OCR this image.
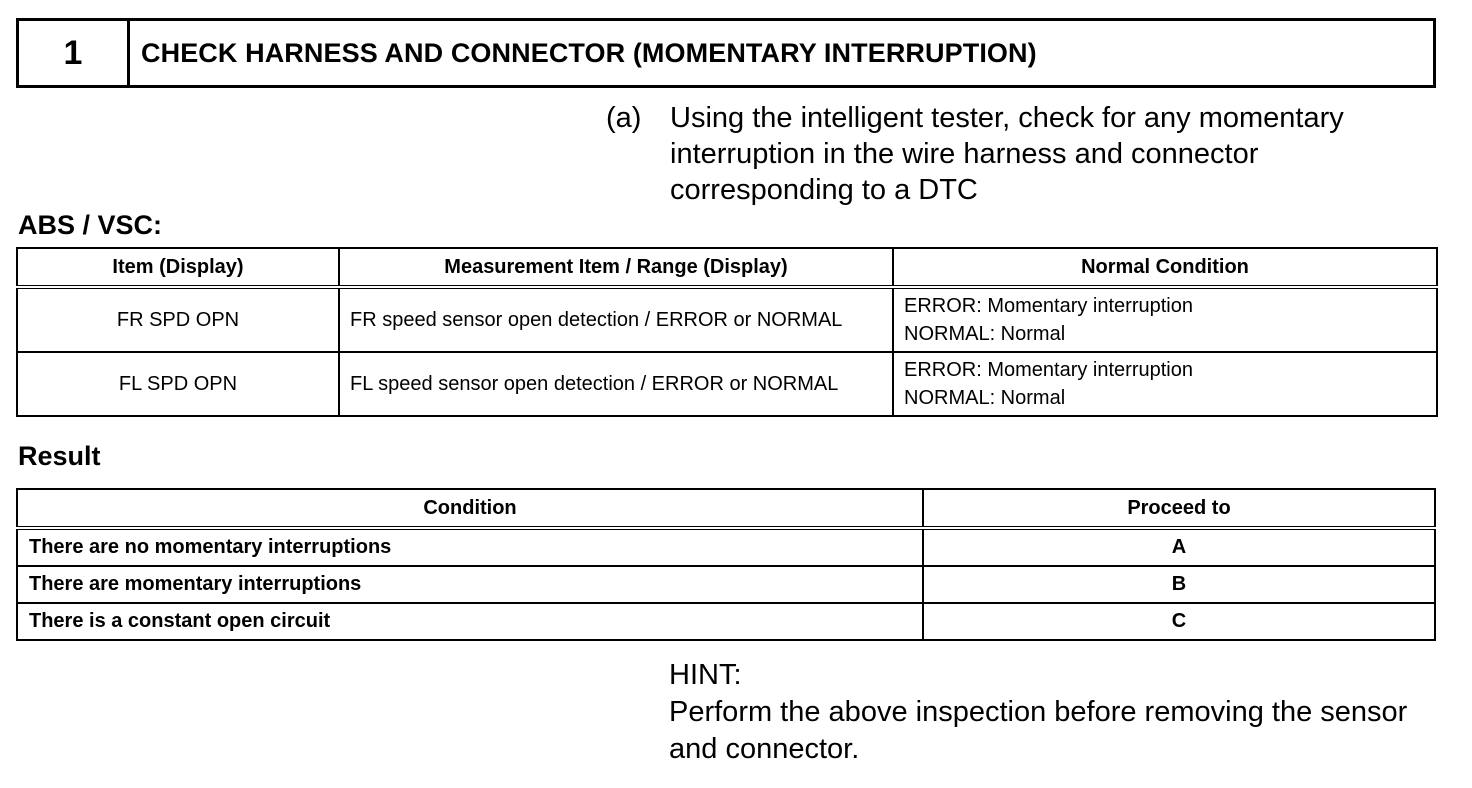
1	CHECK HARNESS AND CONNECTOR (MOMENTARY INTERRUPTION)
(a) Using the intelligent tester, check for any momentary interruption in the wire harness and connector corresponding to a DTC
ABS / VSC:
Item (Display)	Measurement Item / Range (Display)	Normal Condition
FR SPD OPN	FR speed sensor open detection / ERROR or NORMAL	ERROR: Momentary interruption
NORMAL: Normal

FL SPD OPN	FL speed sensor open detection / ERROR or NORMAL	ERROR: Momentary interruption
NORMAL: Normal
Result
Condition	Proceed to
There are no momentary interruptions	A
There are momentary interruptions	B
There is a constant open circuit	C
HINT:
Perform the above inspection before removing the sensor and connector.
